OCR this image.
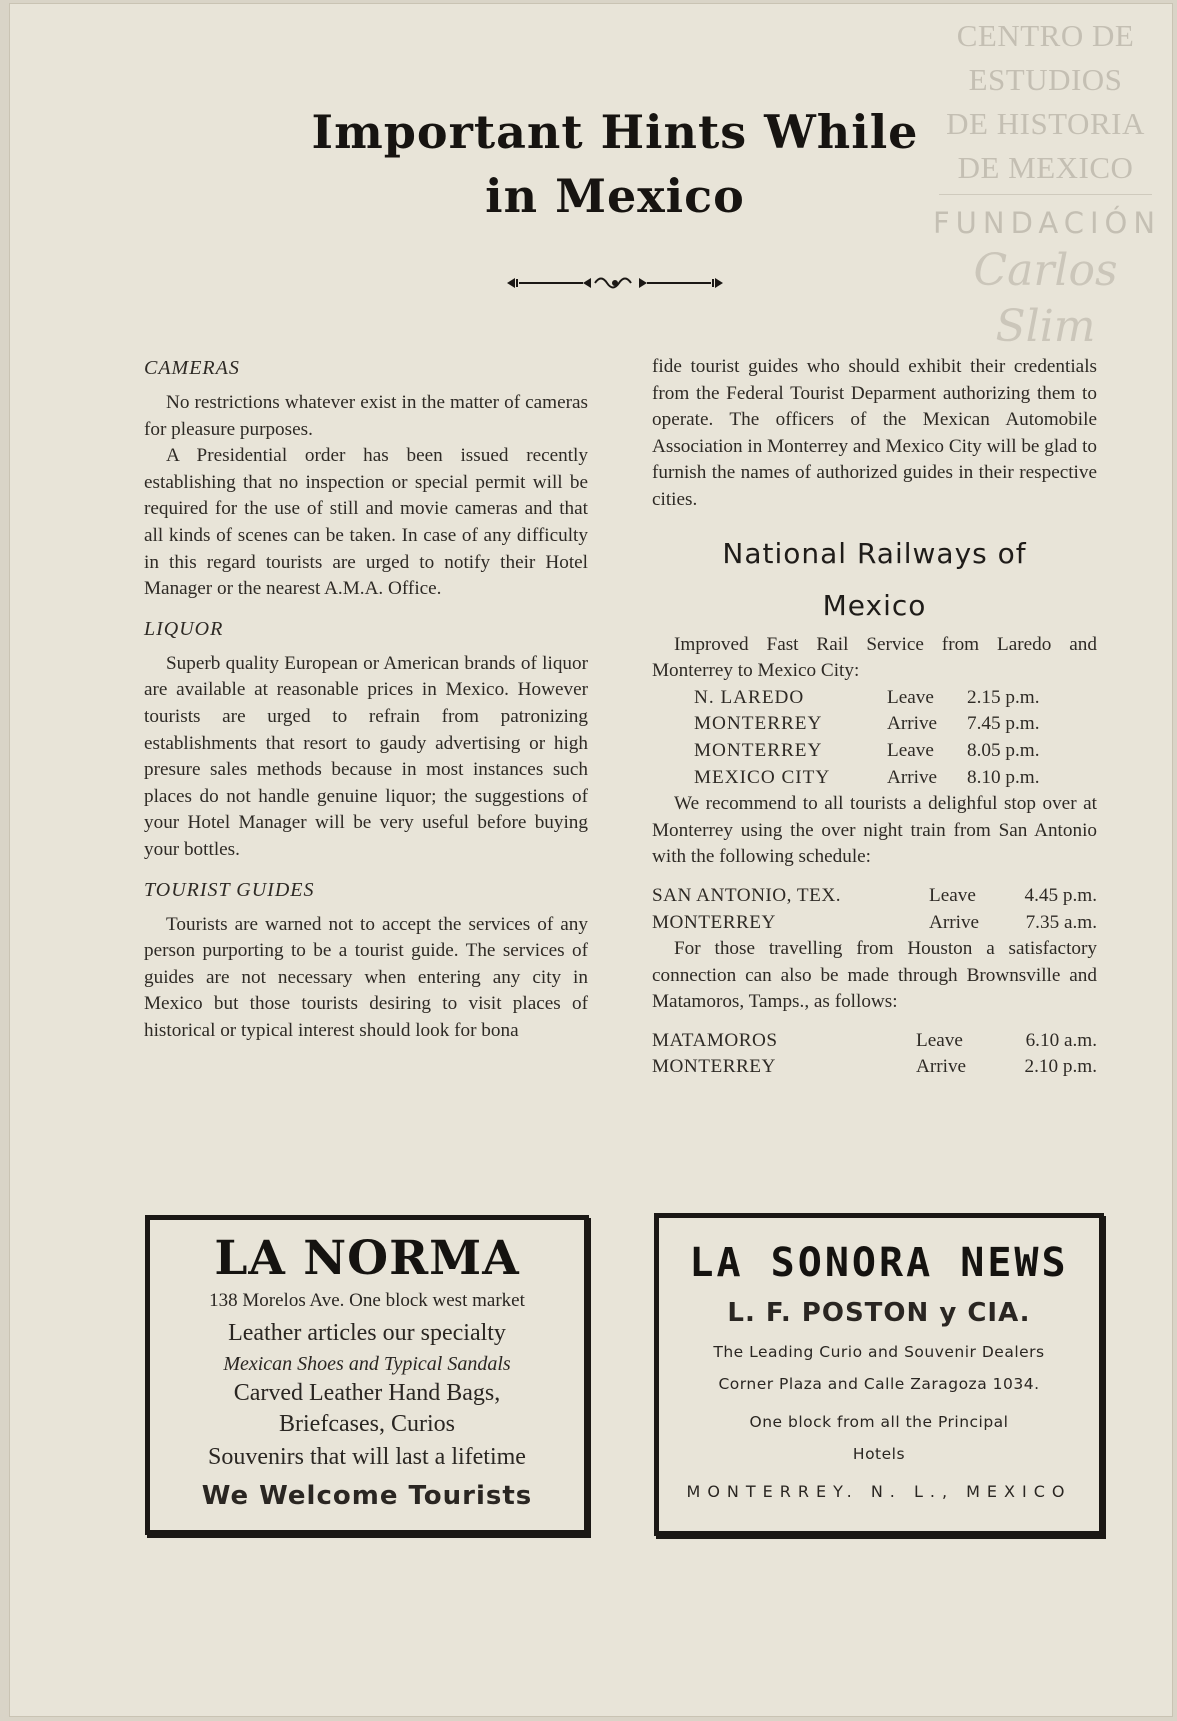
CENTRO DE
ESTUDIOS
DE HISTORIA
DE MEXICO
FUNDACIÓN
Carlos Slim
Important Hints While
in Mexico
CAMERAS

No restrictions whatever exist in the matter of cameras for pleasure purposes.

A Presidential order has been issued recently establishing that no inspection or special permit will be required for the use of still and movie cameras and that all kinds of scenes can be taken. In case of any difficulty in this regard tourists are urged to notify their Hotel Manager or the nearest A.M.A. Office.

LIQUOR

Superb quality European or American brands of liquor are available at reasonable prices in Mexico. However tourists are urged to refrain from patronizing establishments that resort to gaudy advertising or high presure sales methods because in most instances such places do not handle genuine liquor; the suggestions of your Hotel Manager will be very useful before buying your bottles.

TOURIST GUIDES

Tourists are warned not to accept the services of any person purporting to be a tourist guide. The services of guides are not necessary when entering any city in Mexico but those tourists desiring to visit places of historical or typical interest should look for bona

fide tourist guides who should exhibit their credentials from the Federal Tourist Deparment authorizing them to operate. The officers of the Mexican Automobile Association in Monterrey and Mexico City will be glad to furnish the names of authorized guides in their respective cities.

National Railways of
Mexico

Improved Fast Rail Service from Laredo and Monterrey to Mexico City:

N. LAREDO	Leave	2.15 p.m.
MONTERREY	Arrive	7.45 p.m.
MONTERREY	Leave	8.05 p.m.
MEXICO CITY	Arrive	8.10 p.m.

We recommend to all tourists a delighful stop over at Monterrey using the over night train from San Antonio with the following schedule:

SAN ANTONIO, TEX.	Leave	4.45 p.m.
MONTERREY	Arrive	7.35 a.m.

For those travelling from Houston a satisfactory connection can also be made through Brownsville and Matamoros, Tamps., as follows:

MATAMOROS	Leave	6.10 a.m.
MONTERREY	Arrive	2.10 p.m.
LA NORMA
138 Morelos Ave. One block west market
Leather articles our specialty
Mexican Shoes and Typical Sandals
Carved Leather Hand Bags,
Briefcases, Curios
Souvenirs that will last a lifetime
We Welcome Tourists
LA SONORA NEWS
L. F. POSTON y CIA.
The Leading Curio and Souvenir Dealers
Corner Plaza and Calle Zaragoza 1034.
One block from all the Principal
Hotels
MONTERREY. N. L., MEXICO
